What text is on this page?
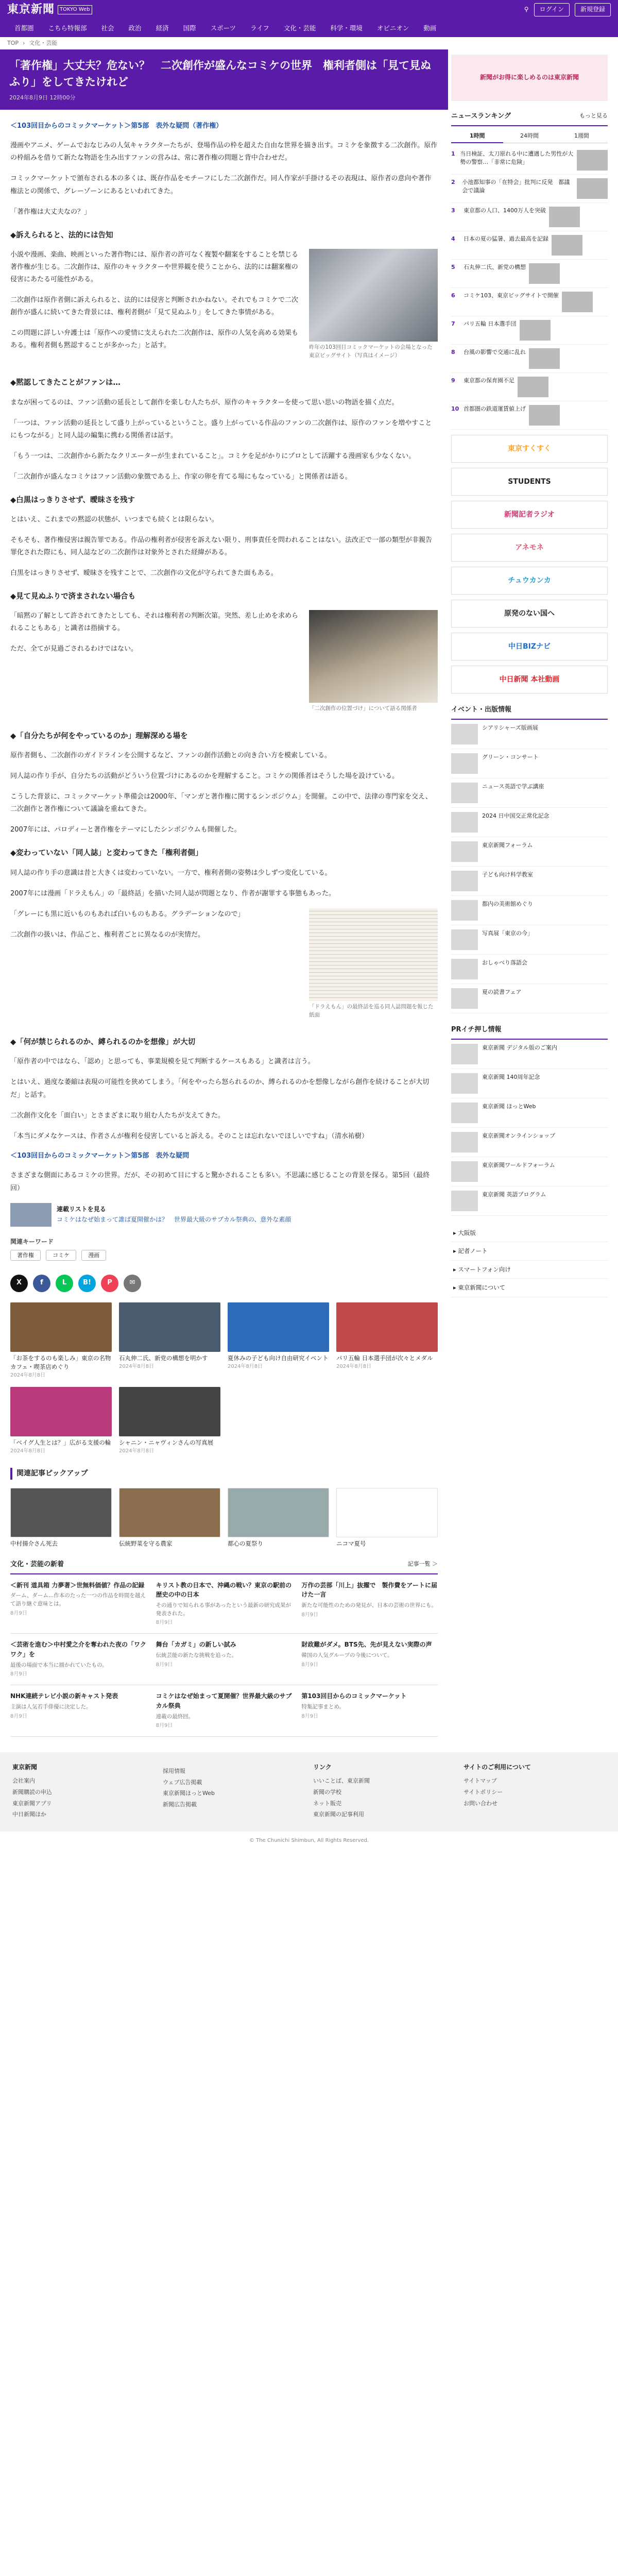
東京新聞	TOKYO Web	⚲	ログイン	新規登録
首都圏	こちら特報部	社会	政治	経済	国際	スポーツ	ライフ	文化・芸能	科学・環境	オピニオン	動画
TOP › 文化・芸能
「著作権」大丈夫？危ない？　二次創作が盛んなコミケの世界　権利者側は「見て見ぬふり」をしてきたけれど
2024年8月9日 12時00分
＜103回目からのコミックマーケット＞第5部　表外な疑問（著作権）

漫画やアニメ、ゲームでおなじみの人気キャラクターたちが、登場作品の枠を超えた自由な世界を描き出す。コミケを象徴する二次創作。原作の枠組みを借りて新たな物語を生み出すファンの営みは、常に著作権の問題と背中合わせだ。

コミックマーケットで頒布される本の多くは、既存作品をモチーフにした二次創作だ。同人作家が手掛けるその表現は、原作者の意向や著作権法との関係で、グレーゾーンにあるといわれてきた。

「著作権は大丈夫なの？」

◆訴えられると、法的には告知
昨年の103回目コミックマーケットの会場となった東京ビッグサイト（写真はイメージ）

小説や漫画、楽曲、映画といった著作物には、原作者の許可なく複製や翻案をすることを禁じる著作権が生じる。二次創作は、原作のキャラクターや世界観を使うことから、法的には翻案権の侵害にあたる可能性がある。

二次創作は原作者側に訴えられると、法的には侵害と判断されかねない。それでもコミケで二次創作が盛んに続いてきた背景には、権利者側が「見て見ぬふり」をしてきた事情がある。

この問題に詳しい弁護士は「原作への愛情に支えられた二次創作は、原作の人気を高める効果もある。権利者側も黙認することが多かった」と話す。

◆黙認してきたことがファンは…

まなが困ってるのは、ファン活動の延長として創作を楽しむ人たちが、原作のキャラクターを使って思い思いの物語を描く点だ。

「一つは、ファン活動の延長として盛り上がっているということ。盛り上がっている作品のファンの二次創作は、原作のファンを増やすことにもつながる」と同人誌の編集に携わる関係者は話す。

「もう一つは、二次創作から新たなクリエーターが生まれていること」。コミケを足がかりにプロとして活躍する漫画家も少なくない。

「二次創作が盛んなコミケはファン活動の象徴である上、作家の卵を育てる場にもなっている」と関係者は語る。

◆白黒はっきりさせず、曖昧さを残す

とはいえ、これまでの黙認の状態が、いつまでも続くとは限らない。

そもそも、著作権侵害は親告罪である。作品の権利者が侵害を訴えない限り、刑事責任を問われることはない。法改正で一部の類型が非親告罪化された際にも、同人誌などの二次創作は対象外とされた経緯がある。

白黒をはっきりさせず、曖昧さを残すことで、二次創作の文化が守られてきた面もある。

◆見て見ぬふりで済まされない場合も
「二次創作の位置づけ」について語る関係者

「暗黙の了解として許されてきたとしても、それは権利者の判断次第。突然、差し止めを求められることもある」と識者は指摘する。

ただ、全てが見過ごされるわけではない。

◆「自分たちが何をやっているのか」理解深める場を

原作者側も、二次創作のガイドラインを公開するなど、ファンの創作活動との向き合い方を模索している。

同人誌の作り手が、自分たちの活動がどういう位置づけにあるのかを理解すること。コミケの関係者はそうした場を設けている。

こうした背景に、コミックマーケット準備会は2000年、「マンガと著作権に関するシンポジウム」を開催。この中で、法律の専門家を交え、二次創作と著作権について議論を重ねてきた。

2007年には、パロディーと著作権をテーマにしたシンポジウムも開催した。

◆変わっていない「同人誌」と変わってきた「権利者側」

同人誌の作り手の意識は昔と大きくは変わっていない。一方で、権利者側の姿勢は少しずつ変化している。

2007年には漫画「ドラえもん」の「最終話」を描いた同人誌が問題となり、作者が謝罪する事態もあった。

「ドラえもん」の最終話を巡る同人誌問題を報じた紙面

「グレーにも黒に近いものもあれば白いものもある。グラデーションなので」

二次創作の扱いは、作品ごと、権利者ごとに異なるのが実情だ。

◆「何が禁じられるのか、縛られるのかを想像」が大切

「原作者の中ではなら、「認め」と思っても、事業規模を見て判断するケースもある」と識者は言う。

とはいえ、過度な萎縮は表現の可能性を狭めてしまう。「何をやったら怒られるのか、縛られるのかを想像しながら創作を続けることが大切だ」と話す。

二次創作文化を「面白い」とさまざまに取り組む人たちが支えてきた。

「本当にダメなケースは、作者さんが権利を侵害していると訴える。そのことは忘れないでほしいですね」（清水祐樹）

＜103回目からのコミックマーケット＞第5部　表外な疑問

さまざまな側面にあるコミケの世界。だが、その初めて目にすると驚かされることも多い。不思議に感じることの背景を探る。第5回（最終回）

連載リストを見る
コミケはなぜ始まって誰ば夏開催かは？　世界最大級のサブカル祭典の、意外な素顔
関連キーワード
著作権	コミケ	漫画
X	f	L	B!	P	✉
「お茶をするのも楽しみ」東京の名物カフェ・喫茶店めぐり
2024年8月8日
石丸伸二氏、新党の構想を明かす
2024年8月8日
夏休みの子ども向け自由研究イベント
2024年8月8日
パリ五輪 日本選手団が次々とメダル
2024年8月8日
「ベイグ人生とは？」広がる支援の輪
2024年8月8日
シャニン・ニャヴィンさんの写真展
2024年8月8日
関連記事ピックアップ
中村揚介さん死去	伝統野菜を守る農家	都心の夏祭り	ニコマ夏号
文化・芸能の新着	記事一覧 ＞
＜新刊 道具箱 力夢著＞世無料価値？作品の記録
ダーム、ダーム…作本のたった一つの作品を時間を越えて語り継ぐ意味とは。
8月9日
キリスト教の日本で、沖縄の戦い？東京の駅前の歴史の中の日本
その通りで知られる事があったという最新の研究成果が発表された。
8月9日
万作の芸部「川上」抜擢で　製作費をアートに届けた一言
新たな可能性のための発見が、日本の芸術の世界にも。
8月9日
＜芸術を進む＞中村愛之介を奪われた夜の「ワクワク」を
最後の場面で本当に描かれていたもの。
8月9日
舞台「カガミ」の新しい試み
伝統芸能の新たな挑戦を追った。
8月9日
財政難がダメ。BTS先、先が見えない実際の声
韓国の人気グループの今後について。
8月9日
NHK連続テレビ小説の新キャスト発表
主演は人気若手俳優に決定した。
8月9日
コミケはなぜ始まって夏開催？世界最大級のサブカル祭典
連載の最終回。
8月9日
第103回目からのコミックマーケット
特集記事まとめ。
8月9日
新聞がお得に楽しめるのは東京新聞
ニュースランキング	もっと見る
1時間	24時間	1週間
1 当日検証、太刀原れる中に遭遇した男性が大勢の警察…「非常に危険」
2	小池都知事の「在特会」批判に反発　都議会で議論
3	東京都の人口、1400万人を突破
4	日本の夏の猛暑、過去最高を記録
5	石丸伸二氏、新党の構想
6	コミケ103、東京ビッグサイトで開催
7	パリ五輪 日本選手団
8	台風の影響で交通に乱れ
9	東京都の保育園不足
10 首都圏の鉄道運賃値上げ
東京すくすく
STUDENTS
新聞記者ラジオ
アネモネ
チュウカンカ
原発のない国へ
中日BIZナビ
中日新聞 本社動画
イベント・出版情報
シアリシャーズ版画展
グリーン・コンサート
ニュース英語で学ぶ講座
2024 日中国交正常化記念
東京新聞フォーラム
子ども向け科学教室
都内の美術館めぐり
写真展「東京の今」
おしゃべり落語会
夏の読書フェア
PRイチ押し情報
東京新聞 デジタル版のご案内
東京新聞 140周年記念
東京新聞 ほっとWeb
東京新聞オンラインショップ
東京新聞ワールドフォーラム
東京新聞 英語プログラム
▸ 大阪版
▸ 記者ノート
▸ スマートフォン向け
▸ 東京新聞について
東京新聞
会社案内
新聞購読の申込
東京新聞アプリ
中日新聞ほか
採用情報
ウェブ広告掲載
東京新聞ほっとWeb
新聞広告掲載
リンク
いいことば、東京新聞
新聞の学校
ネット販売
東京新聞の記事利用
サイトのご利用について
サイトマップ
サイトポリシー
お問い合わせ
© The Chunichi Shimbun, All Rights Reserved.
